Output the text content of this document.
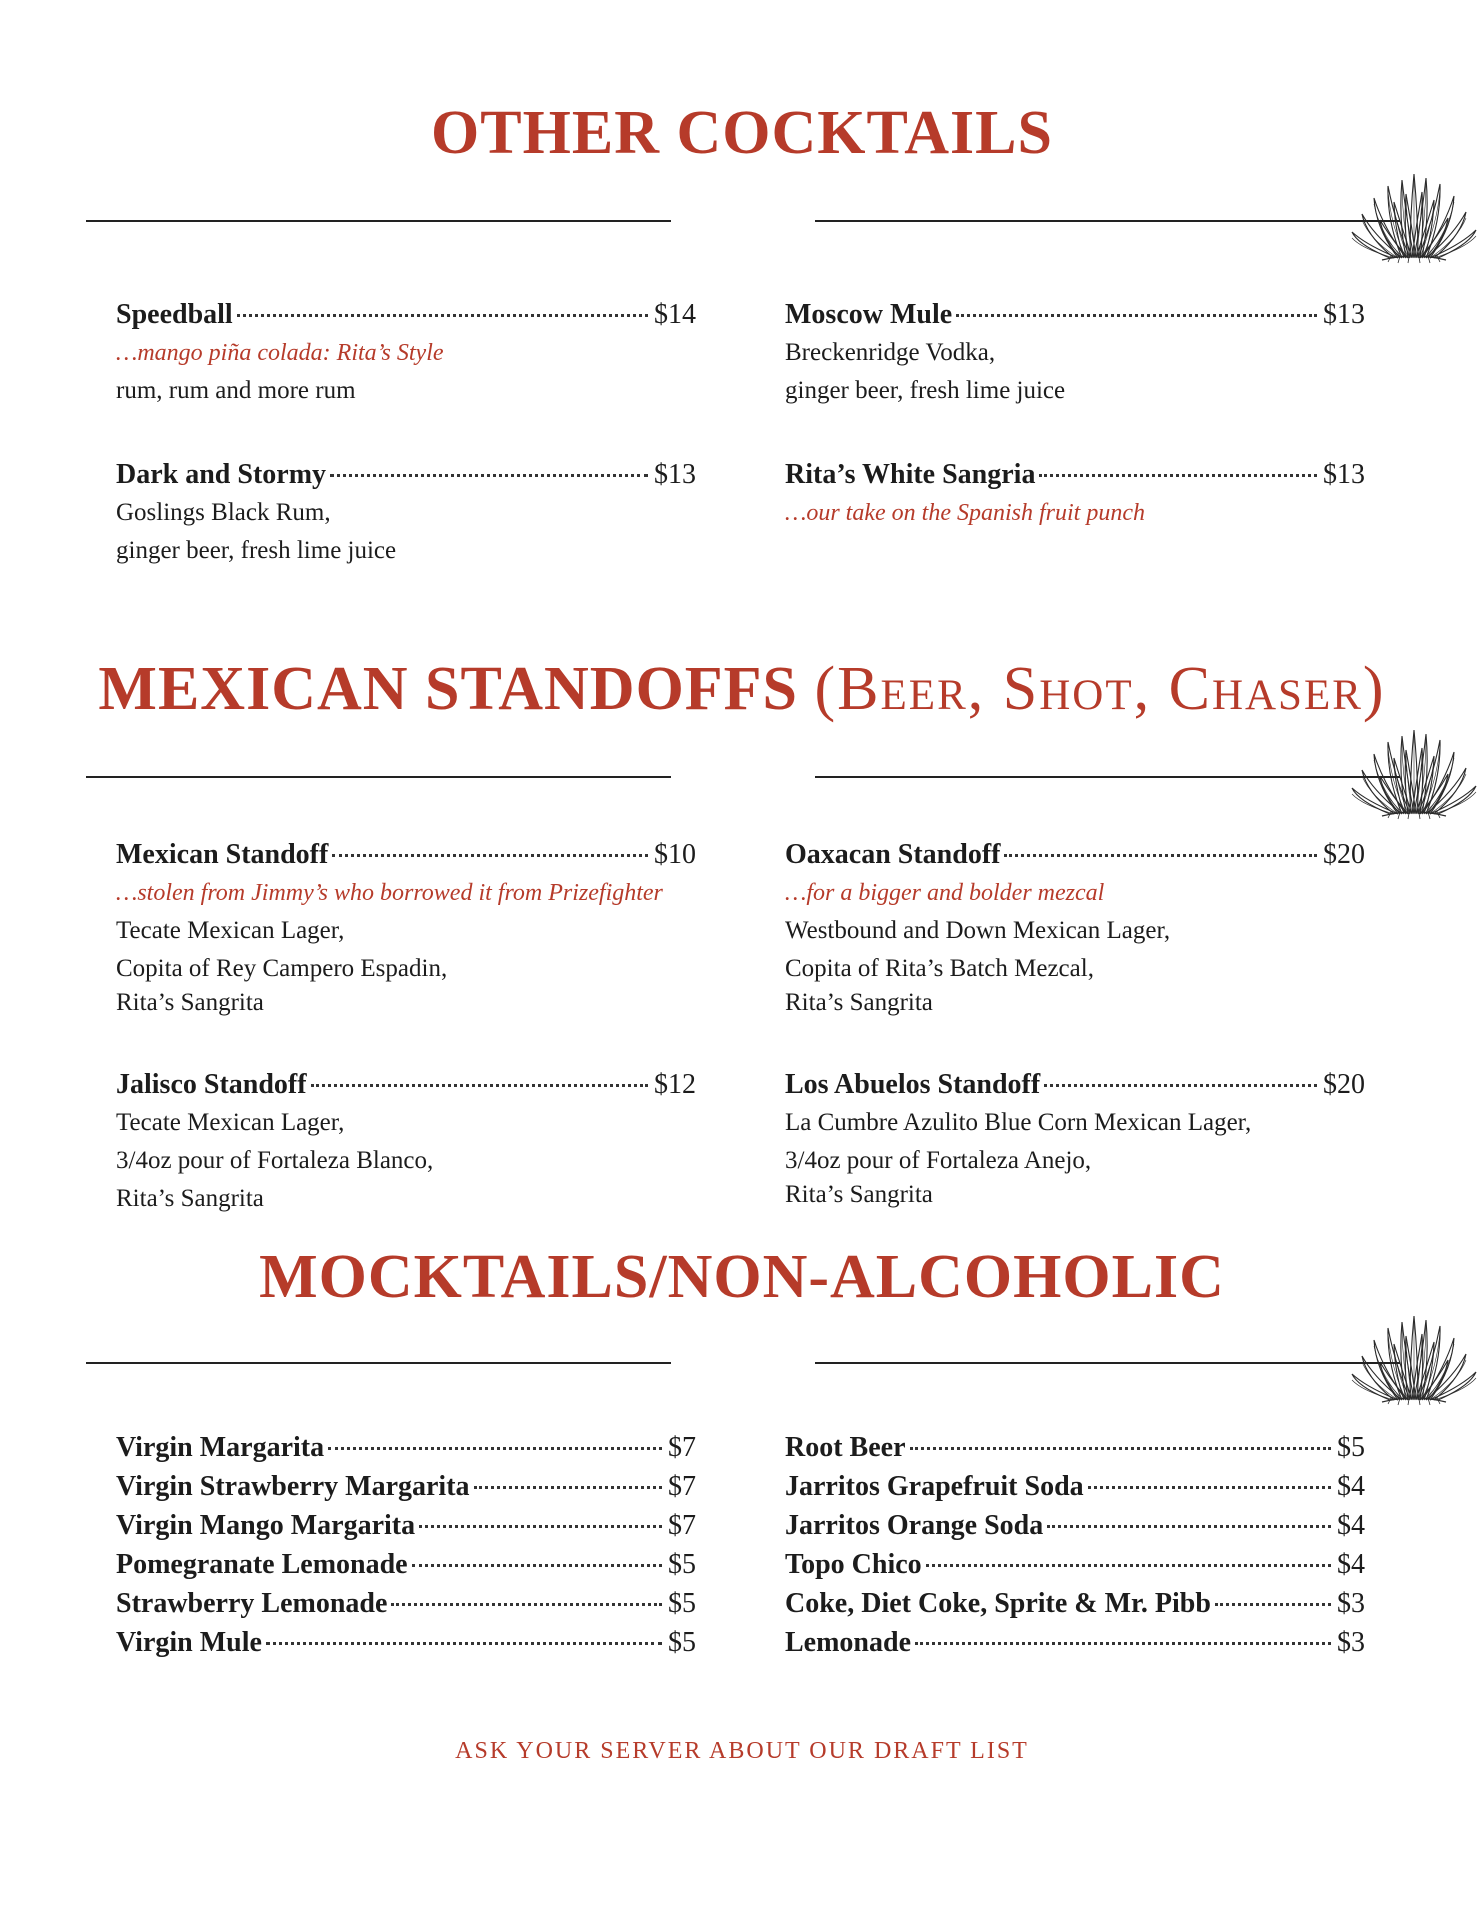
OTHER COCKTAILS
Speedball	$14
…mango piña colada: Rita’s Style
rum, rum and more rum
Dark and Stormy	$13
Goslings Black Rum,
ginger beer, fresh lime juice
Moscow Mule	$13
Breckenridge Vodka,
ginger beer, fresh lime juice
Rita’s White Sangria	$13
…our take on the Spanish fruit punch
MEXICAN STANDOFFS (Beer, Shot, Chaser)
Mexican Standoff	$10
…stolen from Jimmy’s who borrowed it from Prizefighter
Tecate Mexican Lager,
Copita of Rey Campero Espadin,
Rita’s Sangrita
Jalisco Standoff	$12
Tecate Mexican Lager,
3/4oz pour of Fortaleza Blanco,
Rita’s Sangrita
Oaxacan Standoff	$20
…for a bigger and bolder mezcal
Westbound and Down Mexican Lager,
Copita of Rita’s Batch Mezcal,
Rita’s Sangrita
Los Abuelos Standoff	$20
La Cumbre Azulito Blue Corn Mexican Lager,
3/4oz pour of Fortaleza Anejo,
Rita’s Sangrita
MOCKTAILS/NON-ALCOHOLIC
Virgin Margarita	$7
Virgin Strawberry Margarita	$7
Virgin Mango Margarita	$7
Pomegranate Lemonade	$5
Strawberry Lemonade	$5
Virgin Mule	$5
Root Beer	$5
Jarritos Grapefruit Soda	$4
Jarritos Orange Soda	$4
Topo Chico	$4
Coke, Diet Coke, Sprite & Mr. Pibb	$3
Lemonade	$3
ASK YOUR SERVER ABOUT OUR DRAFT LIST
